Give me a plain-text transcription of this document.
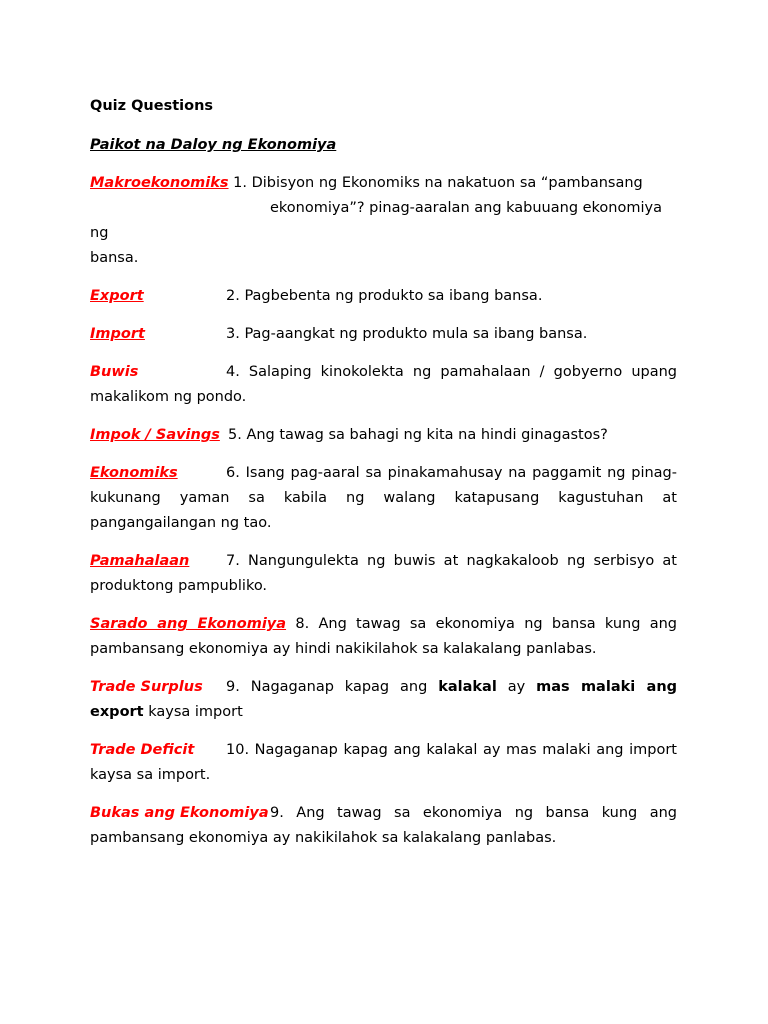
Quiz Questions

Paikot na Daloy ng Ekonomiya

Makroekonomiks 1. Dibisyon ng Ekonomiks na nakatuon sa “pambansang
ekonomiya”? pinag-aaralan ang kabuuang ekonomiya ng
bansa.
Export	2. Pagbebenta ng produkto sa ibang bansa.
Import	3. Pag-aangkat ng produkto mula sa ibang bansa.
Buwis	4. Salaping kinokolekta ng pamahalaan / gobyerno upang makalikom ng pondo.
Impok / Savings 5. Ang tawag sa bahagi ng kita na hindi ginagastos?
Ekonomiks	6. Isang pag-aaral sa pinakamahusay na paggamit ng pinag-kukunang yaman sa kabila ng walang katapusang kagustuhan at pangangailangan ng tao.
Pamahalaan	7. Nangungulekta ng buwis at nagkakaloob ng serbisyo at produktong pampubliko.
Sarado ang Ekonomiya 8. Ang tawag sa ekonomiya ng bansa kung ang pambansang ekonomiya ay hindi nakikilahok sa kalakalang panlabas.
Trade Surplus 9. Nagaganap kapag ang kalakal ay mas malaki ang export kaysa import
Trade Deficit 10. Nagaganap kapag ang kalakal ay mas malaki ang import kaysa sa import.
Bukas ang Ekonomiya9. Ang tawag sa ekonomiya ng bansa kung ang pambansang ekonomiya ay nakikilahok sa kalakalang panlabas.
